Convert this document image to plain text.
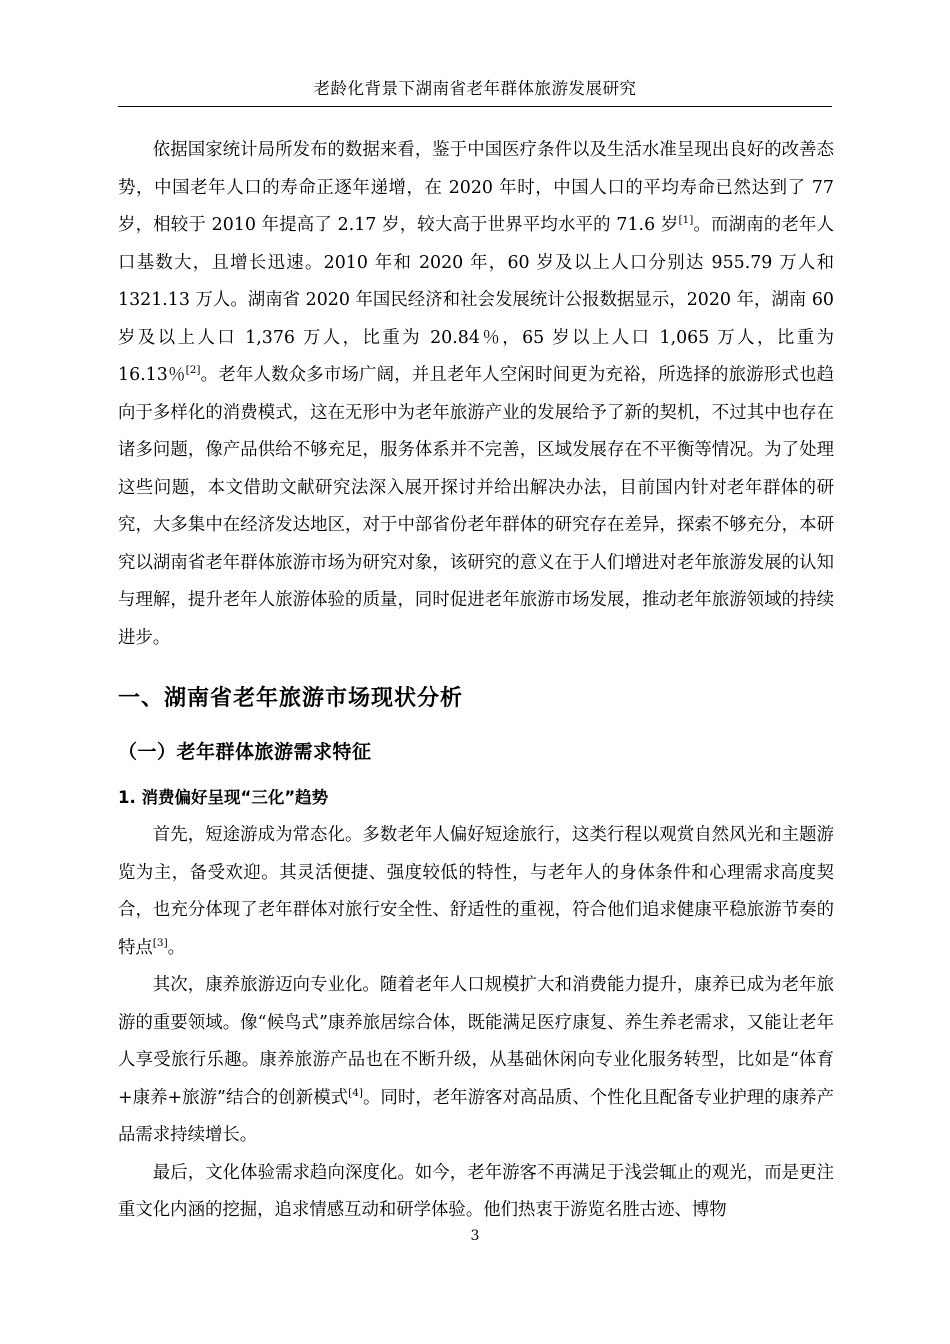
老龄化背景下湖南省老年群体旅游发展研究

依据国家统计局所发布的数据来看，鉴于中国医疗条件以及生活水准呈现出良好的改善态势，中国老年人口的寿命正逐年递增，在 2020 年时，中国人口的平均寿命已然达到了 77 岁，相较于 2010 年提高了 2.17 岁，较大高于世界平均水平的 71.6 岁[1]。而湖南的老年人口基数大，且增长迅速。2010 年和 2020 年，60 岁及以上人口分别达 955.79 万人和 1321.13 万人。湖南省 2020 年国民经济和社会发展统计公报数据显示，2020 年，湖南 60 岁及以上人口 1,376 万人，比重为 20.84％，65 岁以上人口 1,065 万人，比重为 16.13％[2]。老年人数众多市场广阔，并且老年人空闲时间更为充裕，所选择的旅游形式也趋向于多样化的消费模式，这在无形中为老年旅游产业的发展给予了新的契机，不过其中也存在诸多问题，像产品供给不够充足，服务体系并不完善，区域发展存在不平衡等情况。为了处理这些问题，本文借助文献研究法深入展开探讨并给出解决办法，目前国内针对老年群体的研究，大多集中在经济发达地区，对于中部省份老年群体的研究存在差异，探索不够充分，本研究以湖南省老年群体旅游市场为研究对象，该研究的意义在于人们增进对老年旅游发展的认知与理解，提升老年人旅游体验的质量，同时促进老年旅游市场发展，推动老年旅游领域的持续进步。

一、湖南省老年旅游市场现状分析
（一）老年群体旅游需求特征
1. 消费偏好呈现“三化”趋势

首先，短途游成为常态化。多数老年人偏好短途旅行，这类行程以观赏自然风光和主题游览为主，备受欢迎。其灵活便捷、强度较低的特性，与老年人的身体条件和心理需求高度契合，也充分体现了老年群体对旅行安全性、舒适性的重视，符合他们追求健康平稳旅游节奏的特点[3]。

其次，康养旅游迈向专业化。随着老年人口规模扩大和消费能力提升，康养已成为老年旅游的重要领域。像“候鸟式”康养旅居综合体，既能满足医疗康复、养生养老需求，又能让老年人享受旅行乐趣。康养旅游产品也在不断升级，从基础休闲向专业化服务转型，比如是“体育+康养+旅游”结合的创新模式[4]。同时，老年游客对高品质、个性化且配备专业护理的康养产品需求持续增长。

最后，文化体验需求趋向深度化。如今，老年游客不再满足于浅尝辄止的观光，而是更注重文化内涵的挖掘，追求情感互动和研学体验。他们热衷于游览名胜古迹、博物

3
